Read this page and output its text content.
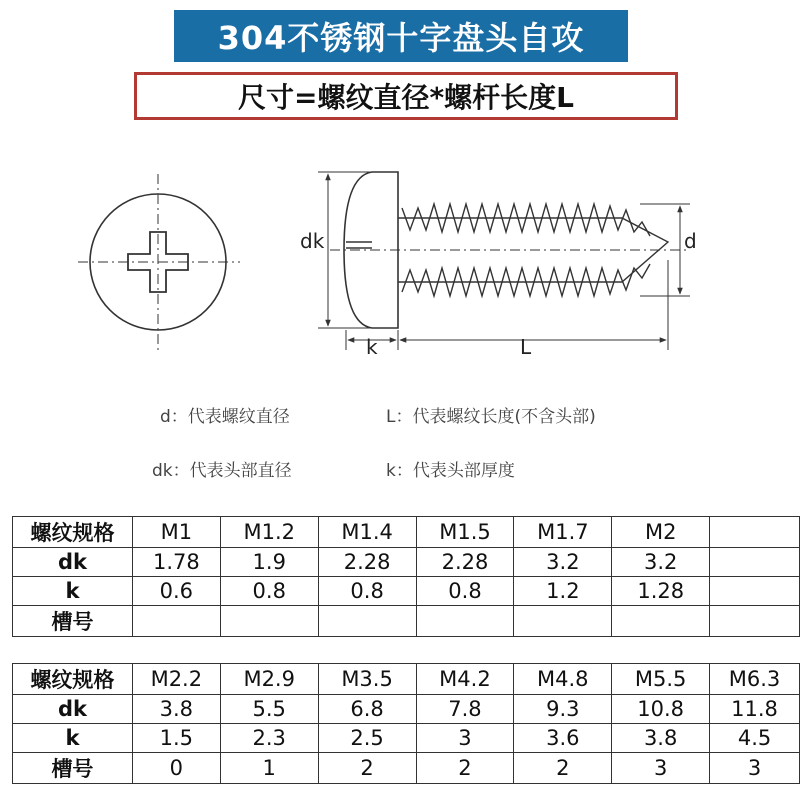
304不锈钢十字盘头自攻
尺寸=螺纹直径*螺杆长度L
dk	d
k	L
d：代表螺纹直径	L：代表螺纹长度(不含头部)
dk：代表头部直径	k：代表头部厚度
螺纹规格	M1	M1.2	M1.4	M1.5	M1.7	M2	
dk	1.78	1.9	2.28	2.28	3.2	3.2	
k	0.6	0.8	0.8	0.8	1.2	1.28	
槽号							
螺纹规格	M2.2	M2.9	M3.5	M4.2	M4.8	M5.5	M6.3
dk	3.8	5.5	6.8	7.8	9.3	10.8	11.8
k	1.5	2.3	2.5	3	3.6	3.8	4.5
槽号	0	1	2	2	2	3	3
